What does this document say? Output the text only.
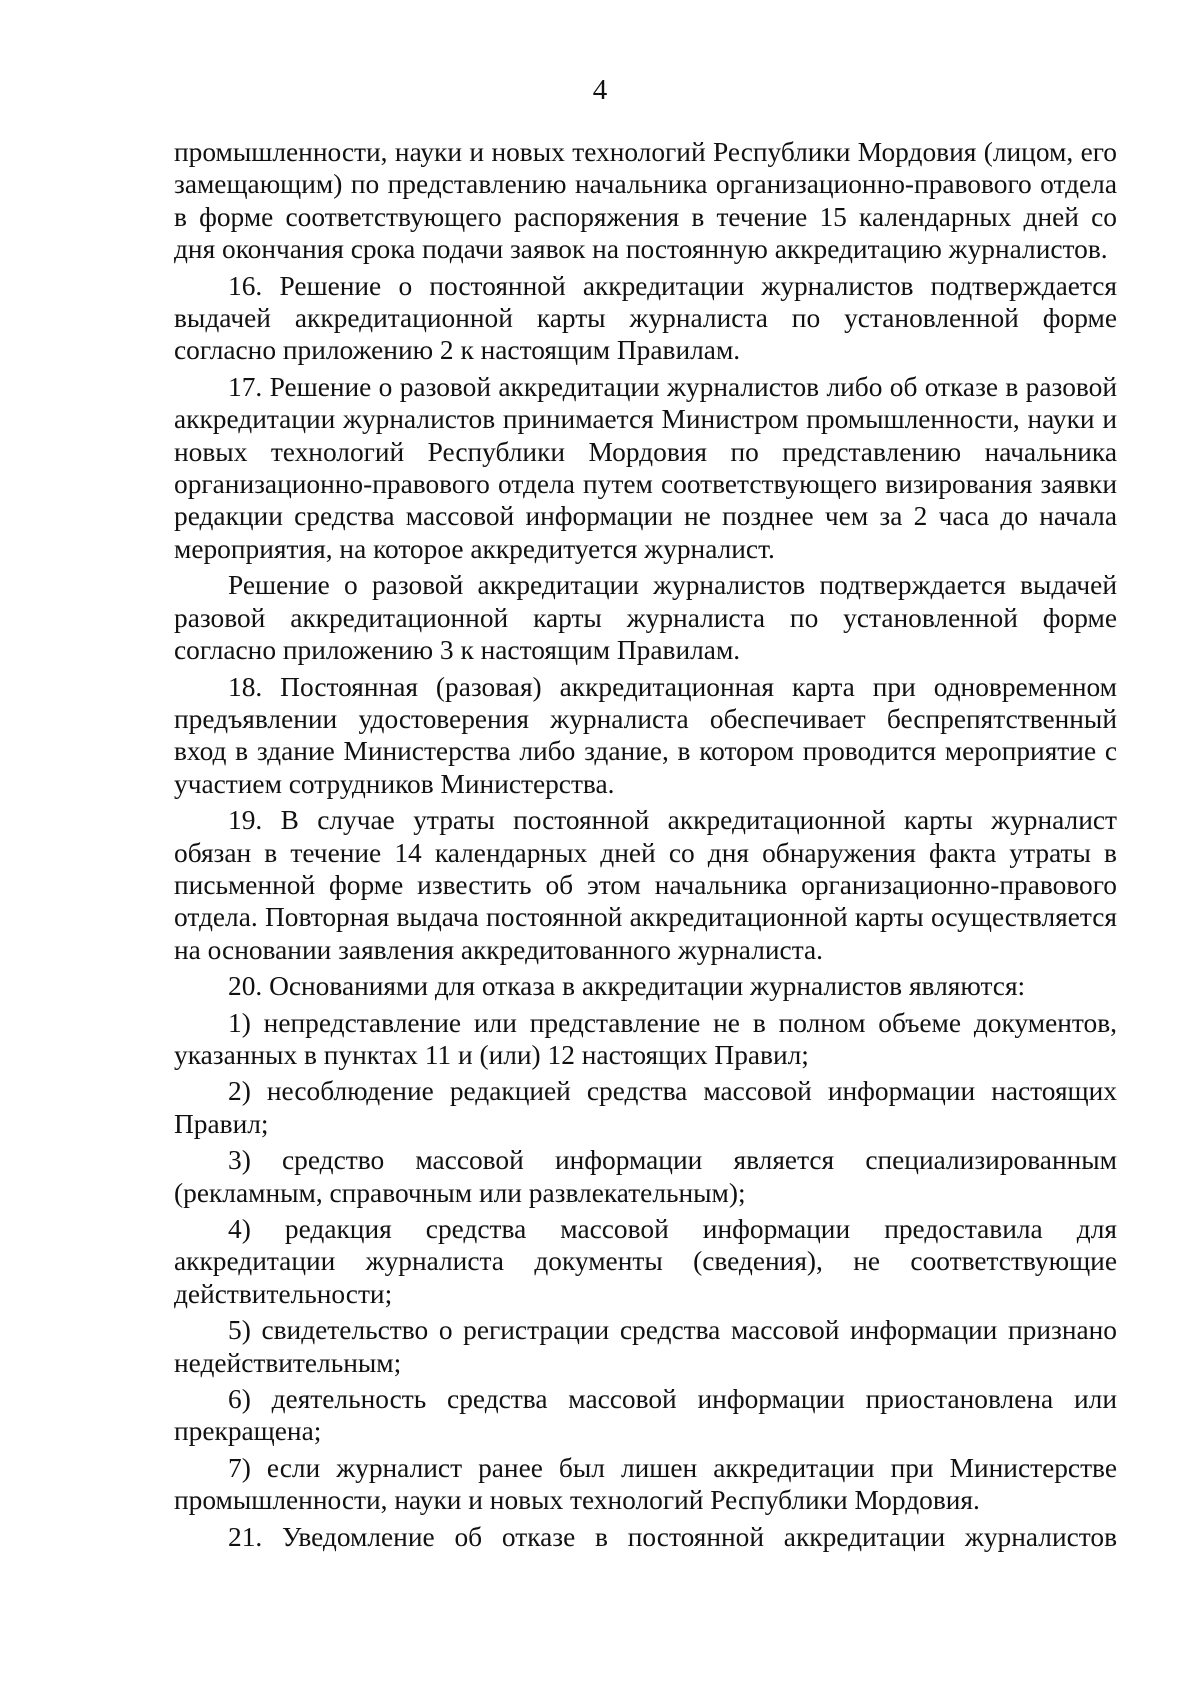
4

промышленности, науки и новых технологий Республики Мордовия (лицом, его замещающим) по представлению начальника организационно-правового отдела в форме соответствующего распоряжения в течение 15 календарных дней со дня окончания срока подачи заявок на постоянную аккредитацию журналистов.

16. Решение о постоянной аккредитации журналистов подтверждается выдачей аккредитационной карты журналиста по установленной форме согласно приложению 2 к настоящим Правилам.

17. Решение о разовой аккредитации журналистов либо об отказе в разовой аккредитации журналистов принимается Министром промышленности, науки и новых технологий Республики Мордовия по представлению начальника организационно-правового отдела путем соответствующего визирования заявки редакции средства массовой информации не позднее чем за 2 часа до начала мероприятия, на которое аккредитуется журналист.

Решение о разовой аккредитации журналистов подтверждается выдачей разовой аккредитационной карты журналиста по установленной форме согласно приложению 3 к настоящим Правилам.

18. Постоянная (разовая) аккредитационная карта при одновременном предъявлении удостоверения журналиста обеспечивает беспрепятственный вход в здание Министерства либо здание, в котором проводится мероприятие с участием сотрудников Министерства.

19. В случае утраты постоянной аккредитационной карты журналист обязан в течение 14 календарных дней со дня обнаружения факта утраты в письменной форме известить об этом начальника организационно-правового отдела. Повторная выдача постоянной аккредитационной карты осуществляется на основании заявления аккредитованного журналиста.

20. Основаниями для отказа в аккредитации журналистов являются:

1) непредставление или представление не в полном объеме документов, указанных в пунктах 11 и (или) 12 настоящих Правил;

2) несоблюдение редакцией средства массовой информации настоящих Правил;

3) средство массовой информации является специализированным (рекламным, справочным или развлекательным);

4) редакция средства массовой информации предоставила для аккредитации журналиста документы (сведения), не соответствующие действительности;

5) свидетельство о регистрации средства массовой информации признано недействительным;

6) деятельность средства массовой информации приостановлена или прекращена;

7) если журналист ранее был лишен аккредитации при Министерстве промышленности, науки и новых технологий Республики Мордовия.

21. Уведомление об отказе в постоянной аккредитации журналистов
